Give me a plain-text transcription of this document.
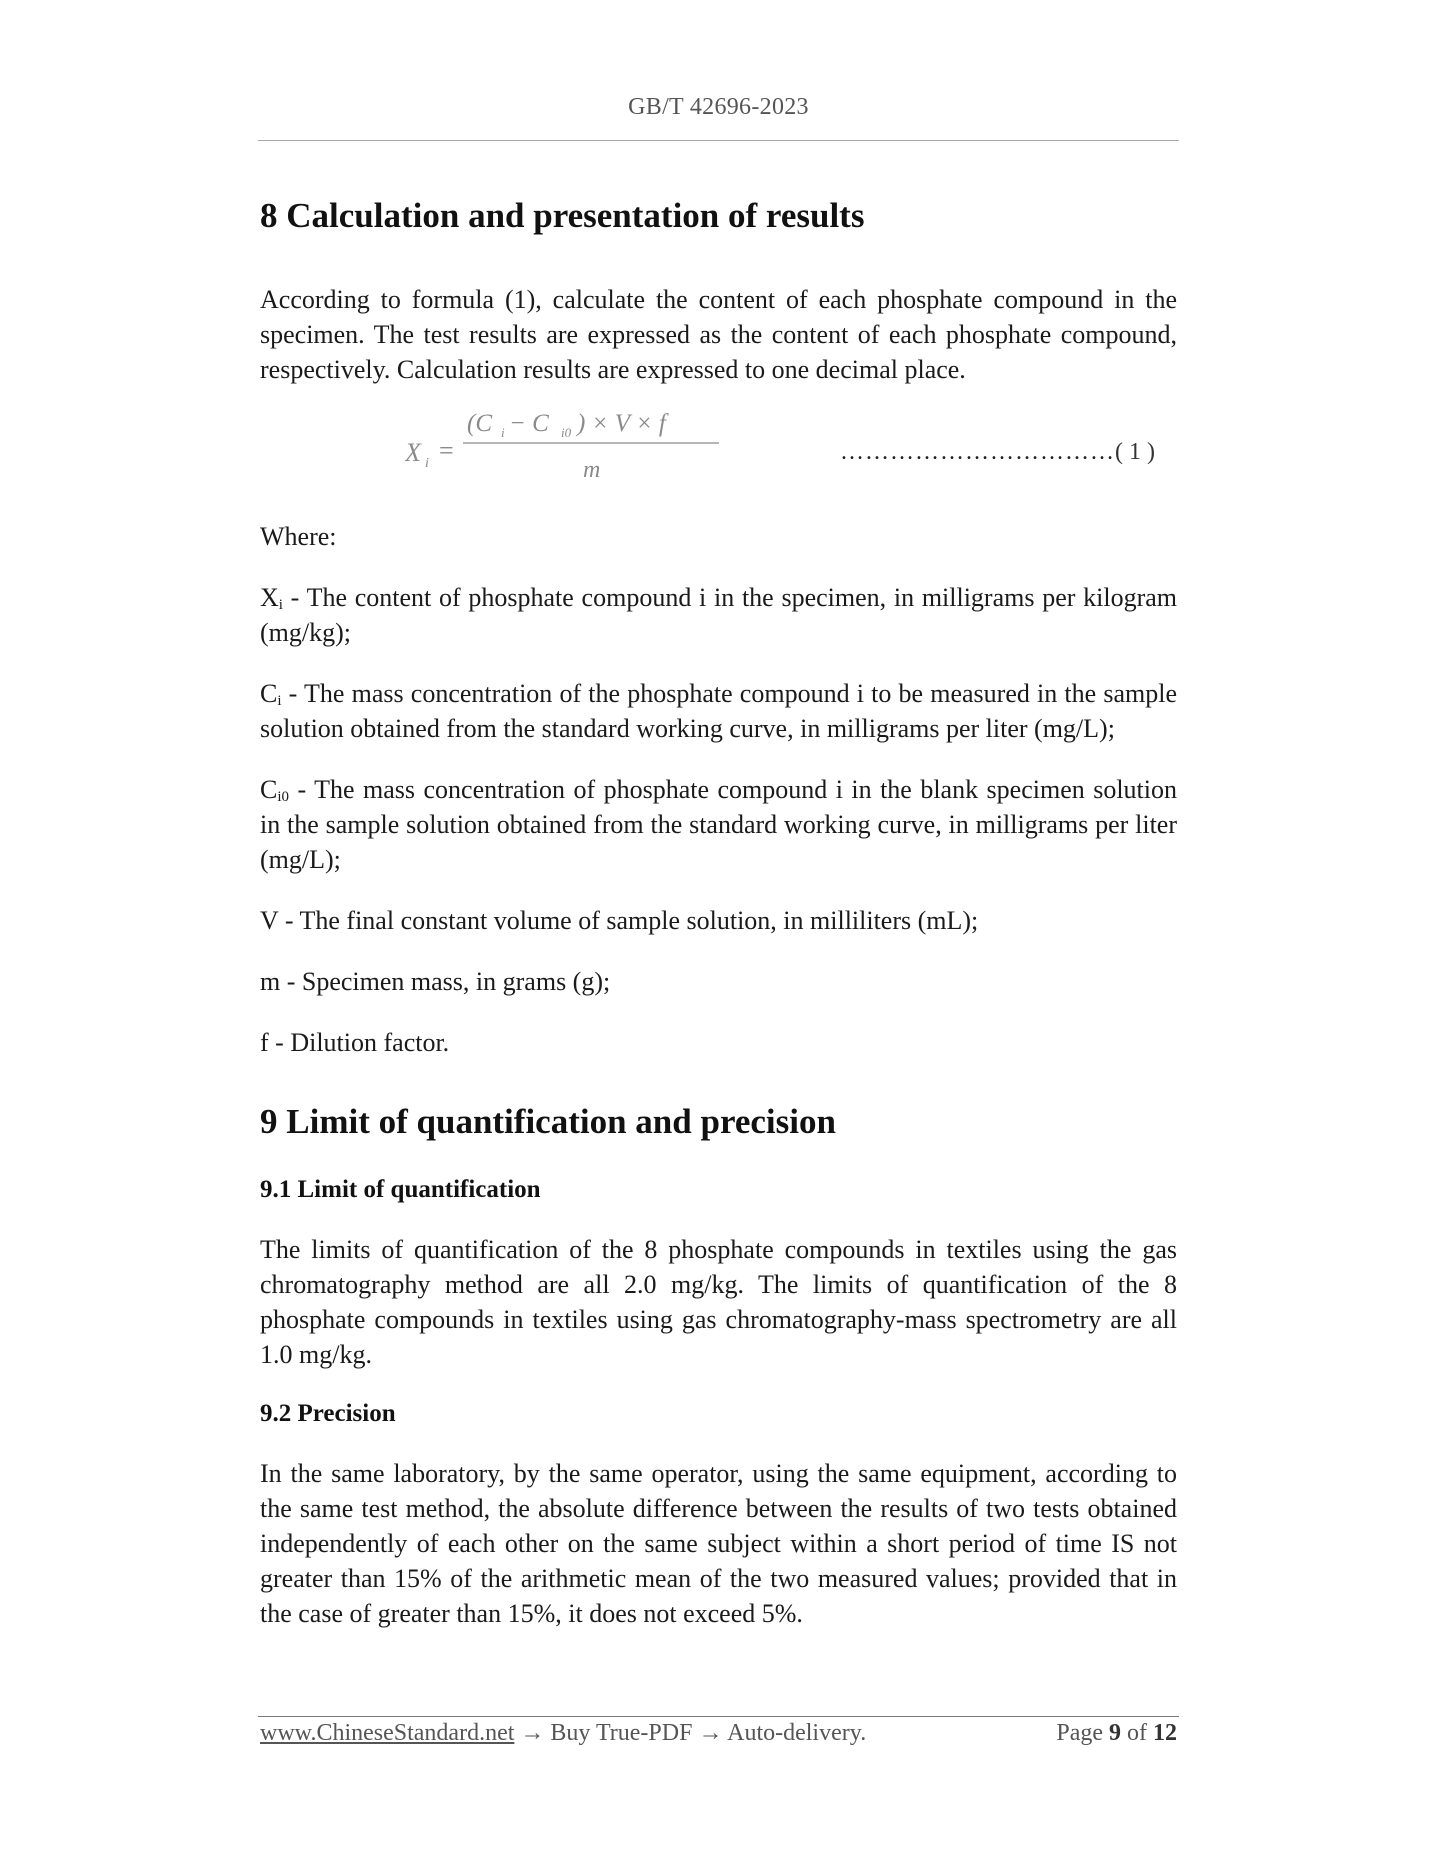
GB/T 42696-2023
8 Calculation and presentation of results

According to formula (1), calculate the content of each phosphate compound in the specimen. The test results are expressed as the content of each phosphate compound, respectively. Calculation results are expressed to one decimal place.

X i =
(C i − C i0 ) × V × f
m
……………………………( 1 )

Where:

$X_i$ - The content of phosphate compound i in the specimen, in milligrams per kilogram (mg/kg);

$C_i$ - The mass concentration of the phosphate compound i to be measured in the sample solution obtained from the standard working curve, in milligrams per liter (mg/L);

$C_{i0}$ - The mass concentration of phosphate compound i in the blank specimen solution in the sample solution obtained from the standard working curve, in milligrams per liter (mg/L);

V - The final constant volume of sample solution, in milliliters (mL);

m - Specimen mass, in grams (g);

f - Dilution factor.

9 Limit of quantification and precision
9.1 Limit of quantification

The limits of quantification of the 8 phosphate compounds in textiles using the gas chromatography method are all 2.0 mg/kg. The limits of quantification of the 8 phosphate compounds in textiles using gas chromatography-mass spectrometry are all 1.0 mg/kg.

9.2 Precision

In the same laboratory, by the same operator, using the same equipment, according to the same test method, the absolute difference between the results of two tests obtained independently of each other on the same subject within a short period of time IS not greater than 15% of the arithmetic mean of the two measured values; provided that in the case of greater than 15%, it does not exceed 5%.

www.ChineseStandard.net → Buy True-PDF → Auto-delivery.	Page 9 of 12
